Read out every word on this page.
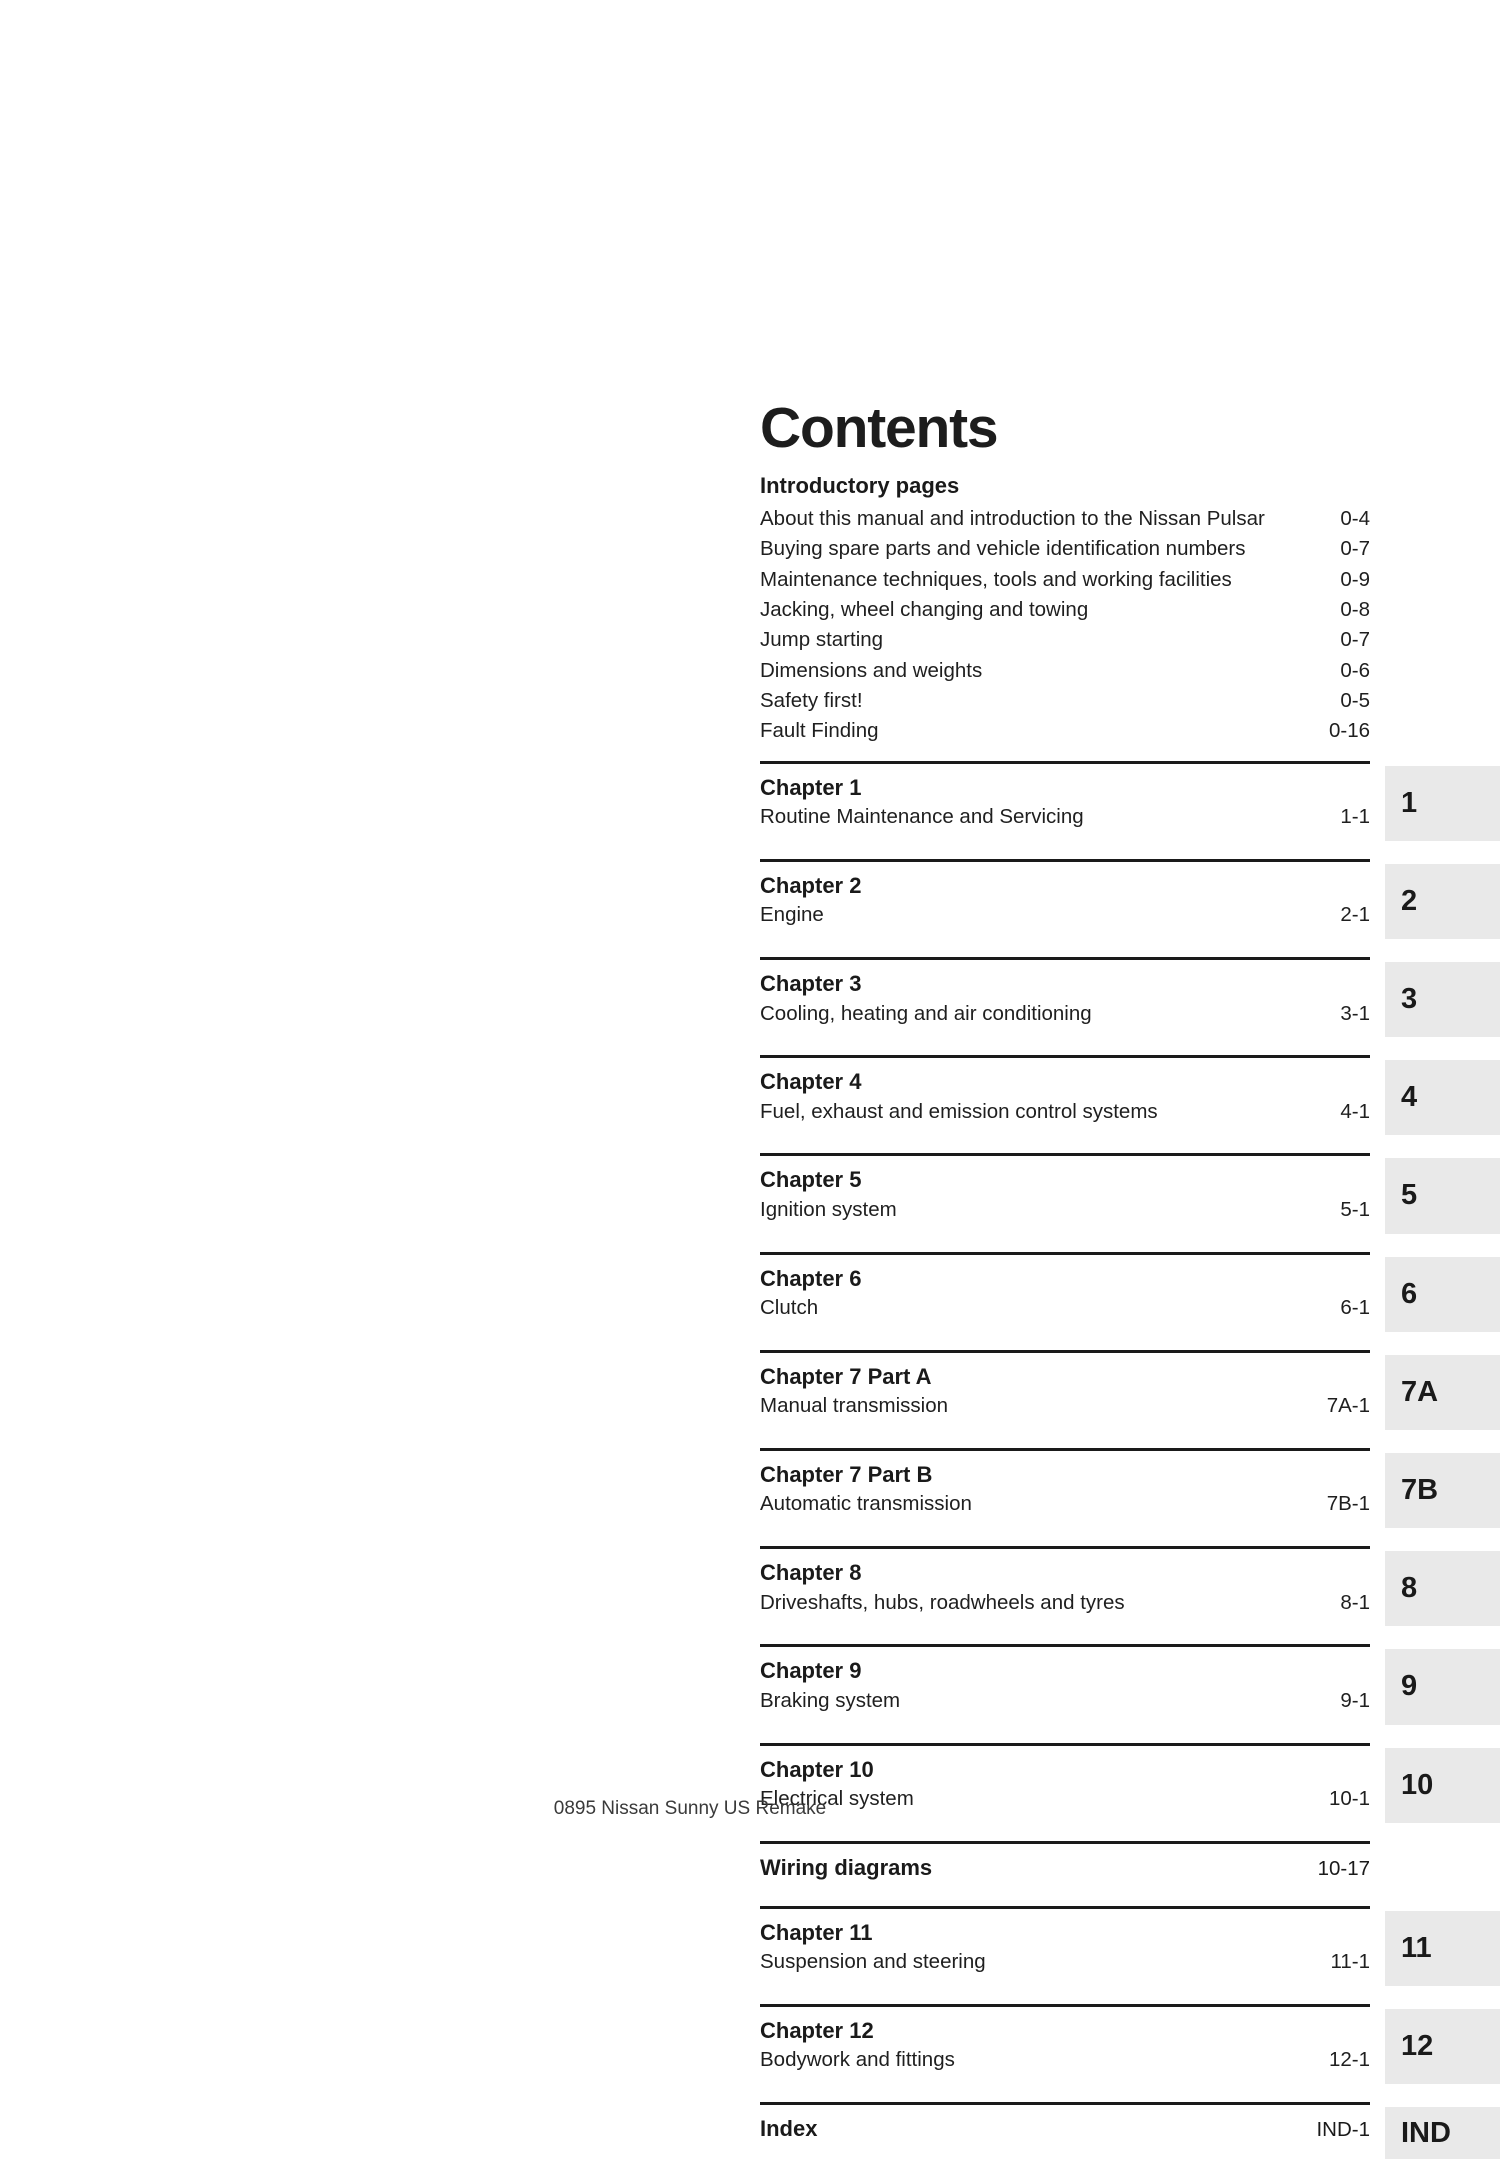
Contents
Introductory pages
About this manual and introduction to the Nissan Pulsar	0-4
Buying spare parts and vehicle identification numbers	0-7
Maintenance techniques, tools and working facilities	0-9
Jacking, wheel changing and towing	0-8
Jump starting	0-7
Dimensions and weights	0-6
Safety first!	0-5
Fault Finding	0-16
Chapter 1
Routine Maintenance and Servicing	1-1
Chapter 2
Engine	2-1
Chapter 3
Cooling, heating and air conditioning	3-1
Chapter 4
Fuel, exhaust and emission control systems	4-1
Chapter 5
Ignition system	5-1
Chapter 6
Clutch	6-1
Chapter 7 Part A
Manual transmission	7A-1
Chapter 7 Part B
Automatic transmission	7B-1
Chapter 8
Driveshafts, hubs, roadwheels and tyres	8-1
Chapter 9
Braking system	9-1
Chapter 10
Electrical system	10-1
Wiring diagrams	10-17
Chapter 11
Suspension and steering	11-1
Chapter 12
Bodywork and fittings	12-1
Index	IND-1
1
2
3
4
5
6
7A
7B
8
9
10
11
12
IND
0895 Nissan Sunny US Remake
